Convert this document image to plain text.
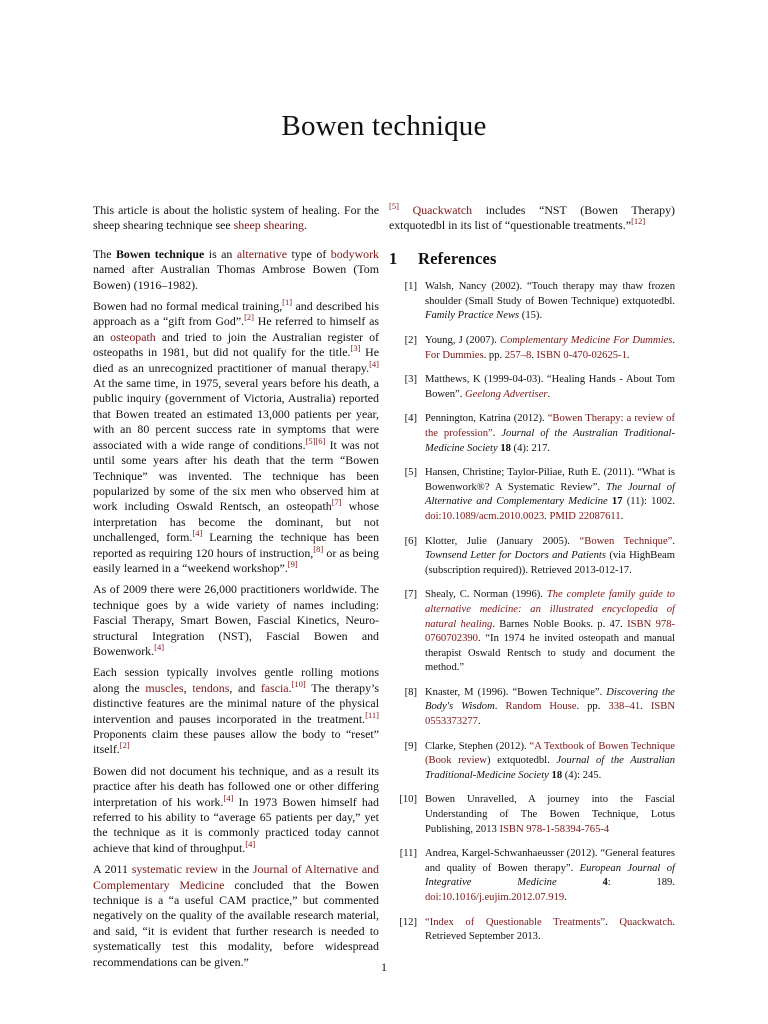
Bowen technique

This article is about the holistic system of healing. For the sheep shearing technique see sheep shearing.

The Bowen technique is an alternative type of bodywork named after Australian Thomas Ambrose Bowen (Tom Bowen) (1916–1982).

Bowen had no formal medical training,[1] and described his approach as a “gift from God”.[2] He referred to himself as an osteopath and tried to join the Australian register of osteopaths in 1981, but did not qualify for the title.[3] He died as an unrecognized practitioner of manual therapy.[4] At the same time, in 1975, several years before his death, a public inquiry (government of Victoria, Australia) reported that Bowen treated an estimated 13,000 patients per year, with an 80 percent success rate in symptoms that were associated with a wide range of conditions.[5][6] It was not until some years after his death that the term “Bowen Technique” was invented. The technique has been popularized by some of the six men who observed him at work including Oswald Rentsch, an osteopath[7] whose interpretation has become the dominant, but not unchallenged, form.[4] Learning the technique has been reported as requiring 120 hours of instruction,[8] or as being easily learned in a “weekend workshop”.[9]

As of 2009 there were 26,000 practitioners worldwide. The technique goes by a wide variety of names including: Fascial Therapy, Smart Bowen, Fascial Kinetics, Neuro-structural Integration (NST), Fascial Bowen and Bowenwork.[4]

Each session typically involves gentle rolling motions along the muscles, tendons, and fascia.[10] The therapy’s distinctive features are the minimal nature of the physical intervention and pauses incorporated in the treatment.[11] Proponents claim these pauses allow the body to “reset” itself.[2]

Bowen did not document his technique, and as a result its practice after his death has followed one or other differing interpretation of his work.[4] In 1973 Bowen himself had referred to his ability to “average 65 patients per day,” yet the technique as it is commonly practiced today cannot achieve that kind of throughput.[4]

A 2011 systematic review in the Journal of Alternative and Complementary Medicine concluded that the Bowen technique is a “a useful CAM practice,” but commented negatively on the quality of the available research material, and said, “it is evident that further research is needed to systematically test this modality, before widespread recommendations can be given.”

[5] Quackwatch includes “NST (Bowen Therapy) extquotedbl in its list of “questionable treatments.”[12]

1 References
[1] Walsh, Nancy (2002). “Touch therapy may thaw frozen shoulder (Small Study of Bowen Technique) extquotedbl. Family Practice News (15).
[2] Young, J (2007). Complementary Medicine For Dummies. For Dummies. pp. 257–8. ISBN 0-470-02625-1.
[3] Matthews, K (1999-04-03). “Healing Hands - About Tom Bowen”. Geelong Advertiser.
[4] Pennington, Katrina (2012). “Bowen Therapy: a review of the profession”. Journal of the Australian Traditional-Medicine Society 18 (4): 217.
[5] Hansen, Christine; Taylor-Piliae, Ruth E. (2011). “What is Bowenwork®? A Systematic Review”. The Journal of Alternative and Complementary Medicine 17 (11): 1002. doi:10.1089/acm.2010.0023. PMID 22087611.
[6] Klotter, Julie (January 2005). “Bowen Technique”. Townsend Letter for Doctors and Patients (via HighBeam (subscription required)). Retrieved 2013-012-17.
[7] Shealy, C. Norman (1996). The complete family guide to alternative medicine: an illustrated encyclopedia of natural healing. Barnes Noble Books. p. 47. ISBN 978-0760702390. “In 1974 he invited osteopath and manual therapist Oswald Rentsch to study and document the method.”
[8] Knaster, M (1996). “Bowen Technique”. Discovering the Body's Wisdom. Random House. pp. 338–41. ISBN 0553373277.
[9] Clarke, Stephen (2012). “A Textbook of Bowen Technique (Book review) extquotedbl. Journal of the Australian Traditional-Medicine Society 18 (4): 245.
[10] Bowen Unravelled, A journey into the Fascial Understanding of The Bowen Technique, Lotus Publishing, 2013 ISBN 978-1-58394-765-4
[11] Andrea, Kargel-Schwanhaeusser (2012). “General features and quality of Bowen therapy”. European Journal of Integrative Medicine	4: 189. doi:10.1016/j.eujim.2012.07.919.
[12] “Index of Questionable Treatments”. Quackwatch. Retrieved September 2013.
1
